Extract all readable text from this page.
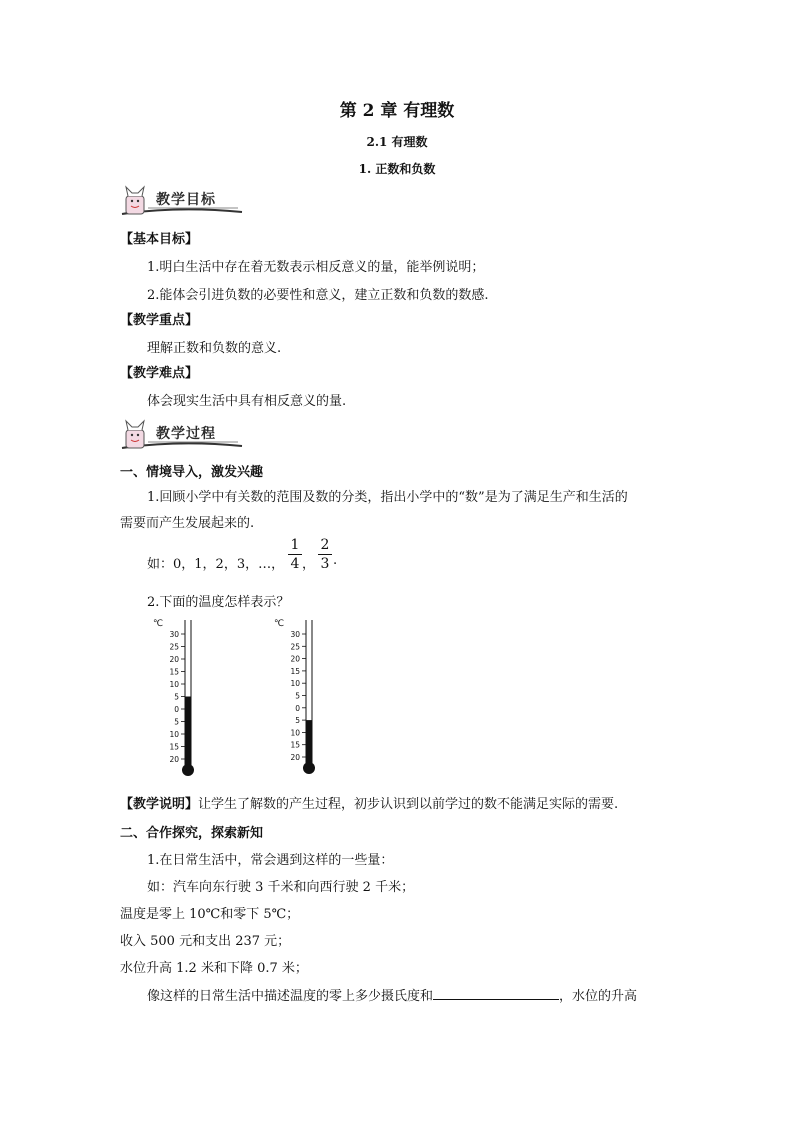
第 2 章 有理数
2.1 有理数
1. 正数和负数
教学目标
【基本目标】
1.明白生活中存在着无数表示相反意义的量，能举例说明；
2.能体会引进负数的必要性和意义，建立正数和负数的数感.
【教学重点】
理解正数和负数的意义.
【教学难点】
体会现实生活中具有相反意义的量.
教学过程
一、情境导入，激发兴趣
1.回顾小学中有关数的范围及数的分类，指出小学中的“数”是为了满足生产和生活的
需要而产生发展起来的.
如：0，1，2，3，…，
1
4 ，
2
3 .
2.下面的温度怎样表示？
℃
30
25
20
15
10
5
0
5
10
15
20
℃
30
25
20
15
10
5
0
5
10
15
20
【教学说明】让学生了解数的产生过程，初步认识到以前学过的数不能满足实际的需要.
二、合作探究，探索新知
1.在日常生活中，常会遇到这样的一些量：
如：汽车向东行驶 3 千米和向西行驶 2 千米；
温度是零上 10℃和零下 5℃；
收入 500 元和支出 237 元；
水位升高 1.2 米和下降 0.7 米；
像这样的日常生活中描述温度的零上多少摄氏度和	，水位的升高
